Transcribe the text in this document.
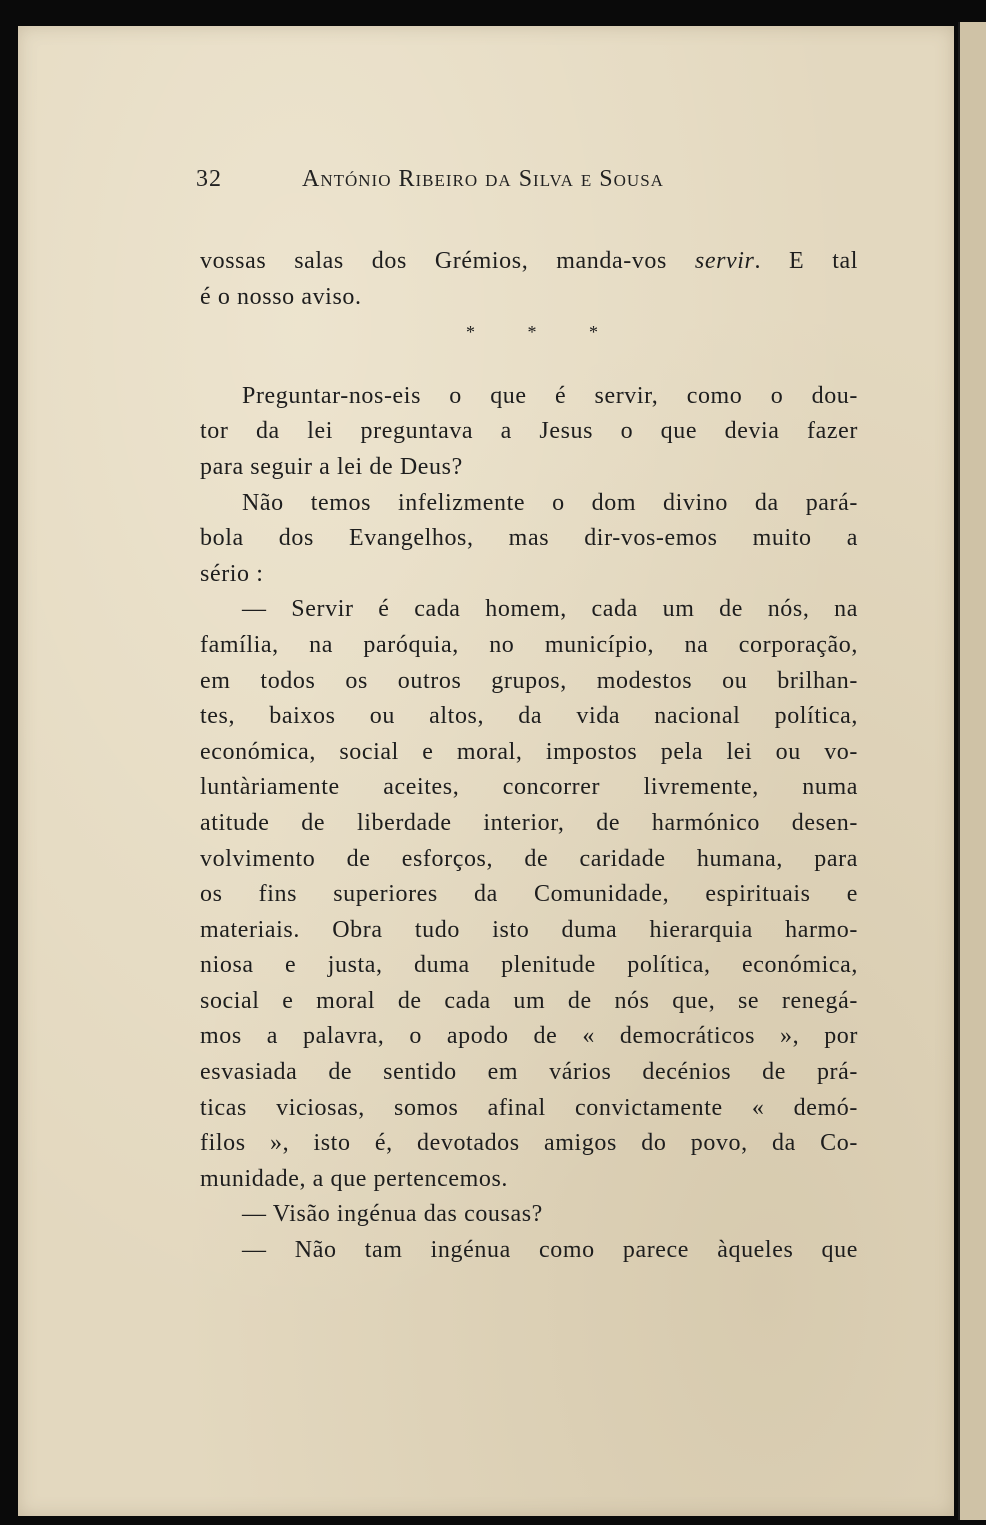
32	António Ribeiro da Silva e Sousa
vossas salas dos Grémios, manda-vos servir. E tal
é o nosso aviso.
* * *
Preguntar-nos-eis o que é servir, como o dou-
tor da lei preguntava a Jesus o que devia fazer
para seguir a lei de Deus?
Não temos infelizmente o dom divino da pará-
bola dos Evangelhos, mas dir-vos-emos muito a
sério :
— Servir é cada homem, cada um de nós, na
família, na paróquia, no município, na corporação,
em todos os outros grupos, modestos ou brilhan-
tes, baixos ou altos, da vida nacional política,
económica, social e moral, impostos pela lei ou vo-
luntàriamente aceites, concorrer livremente, numa
atitude de liberdade interior, de harmónico desen-
volvimento de esforços, de caridade humana, para
os fins superiores da Comunidade, espirituais e
materiais. Obra tudo isto duma hierarquia harmo-
niosa e justa, duma plenitude política, económica,
social e moral de cada um de nós que, se renegá-
mos a palavra, o apodo de « democráticos », por
esvasiada de sentido em vários decénios de prá-
ticas viciosas, somos afinal convictamente « demó-
filos », isto é, devotados amigos do povo, da Co-
munidade, a que pertencemos.
— Visão ingénua das cousas?
— Não tam ingénua como parece àqueles que
